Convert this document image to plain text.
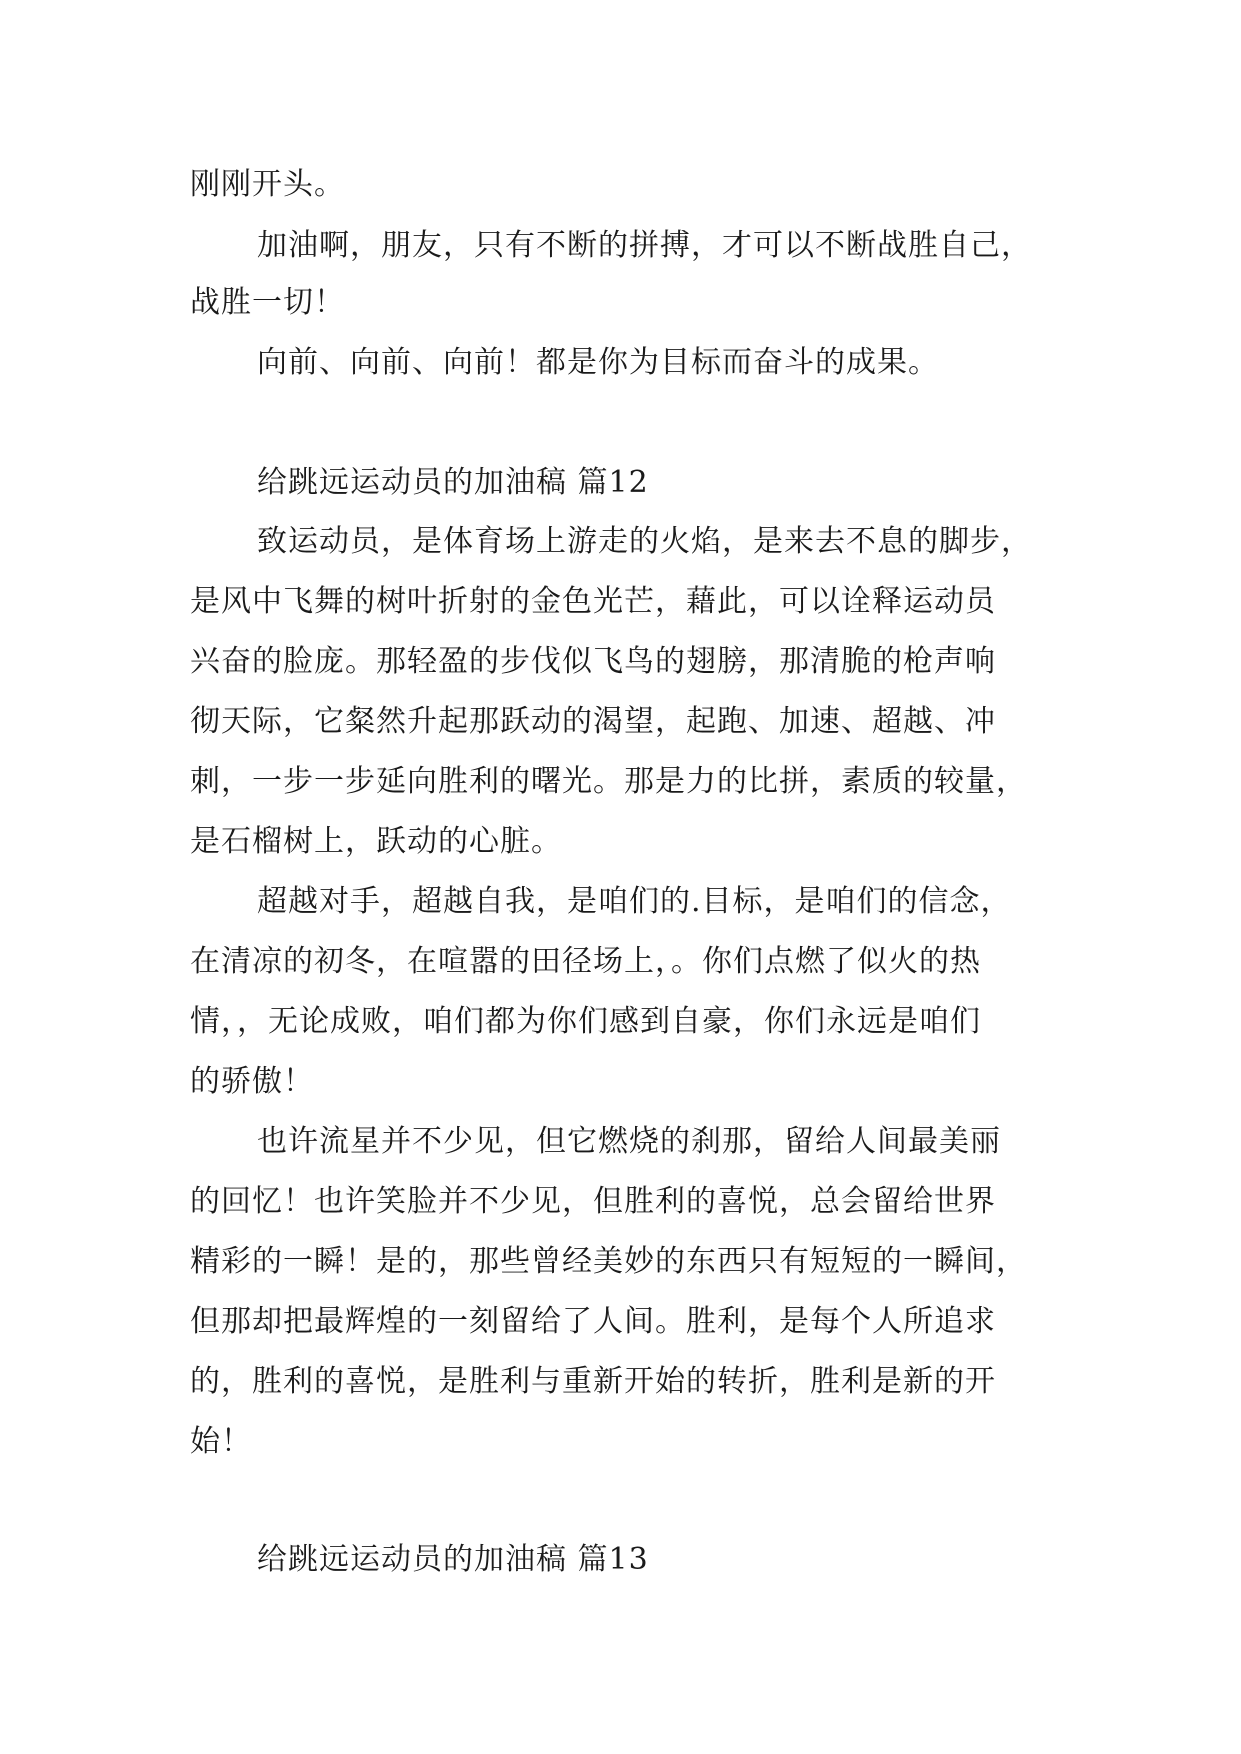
刚刚开头。
加油啊，朋友，只有不断的拼搏，才可以不断战胜自己，
战胜一切！
向前、向前、向前！都是你为目标而奋斗的成果。
给跳远运动员的加油稿 篇12
致运动员，是体育场上游走的火焰，是来去不息的脚步，
是风中飞舞的树叶折射的金色光芒，藉此，可以诠释运动员
兴奋的脸庞。那轻盈的步伐似飞鸟的翅膀，那清脆的枪声响
彻天际，它粲然升起那跃动的渴望，起跑、加速、超越、冲
刺，一步一步延向胜利的曙光。那是力的比拼，素质的较量，
是石榴树上，跃动的心脏。
超越对手，超越自我，是咱们的.目标，是咱们的信念，
在清凉的初冬，在喧嚣的田径场上，。你们点燃了似火的热
情，，无论成败，咱们都为你们感到自豪，你们永远是咱们
的骄傲！
也许流星并不少见，但它燃烧的刹那，留给人间最美丽
的回忆！也许笑脸并不少见，但胜利的喜悦，总会留给世界
精彩的一瞬！是的，那些曾经美妙的东西只有短短的一瞬间，
但那却把最辉煌的一刻留给了人间。胜利，是每个人所追求
的，胜利的喜悦，是胜利与重新开始的转折，胜利是新的开
始！
给跳远运动员的加油稿 篇13
